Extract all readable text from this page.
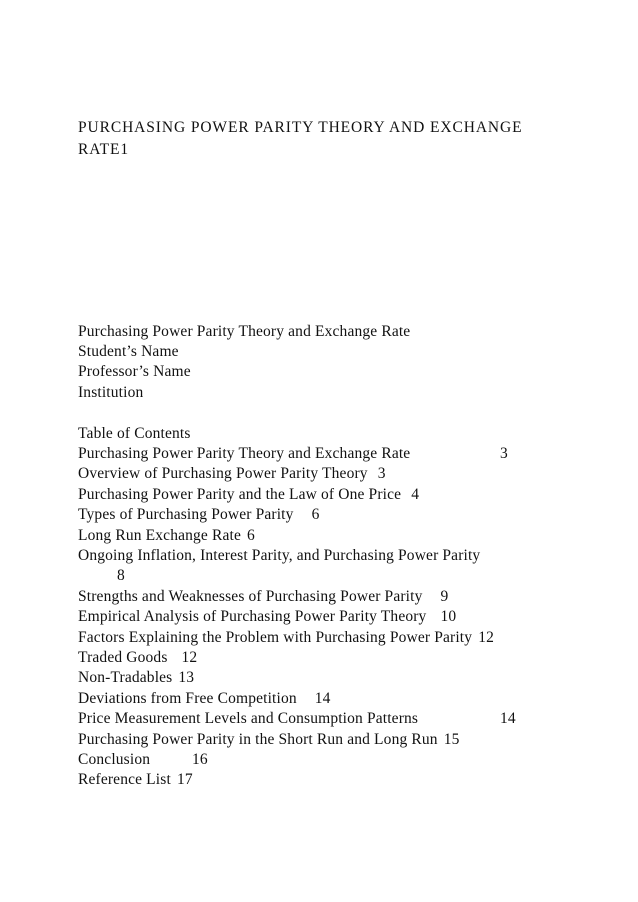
PURCHASING POWER PARITY THEORY AND EXCHANGE
RATE1
Purchasing Power Parity Theory and Exchange Rate
Student’s Name
Professor’s Name
Institution
Table of Contents
Purchasing Power Parity Theory and Exchange Rate	3
Overview of Purchasing Power Parity Theory 3
Purchasing Power Parity and the Law of One Price 4
Types of Purchasing Power Parity 6
Long Run Exchange Rate 6
Ongoing Inflation, Interest Parity, and Purchasing Power Parity
8
Strengths and Weaknesses of Purchasing Power Parity 9
Empirical Analysis of Purchasing Power Parity Theory 10
Factors Explaining the Problem with Purchasing Power Parity 12
Traded Goods 12
Non-Tradables 13
Deviations from Free Competition 14
Price Measurement Levels and Consumption Patterns	14
Purchasing Power Parity in the Short Run and Long Run 15
Conclusion	16
Reference List 17
